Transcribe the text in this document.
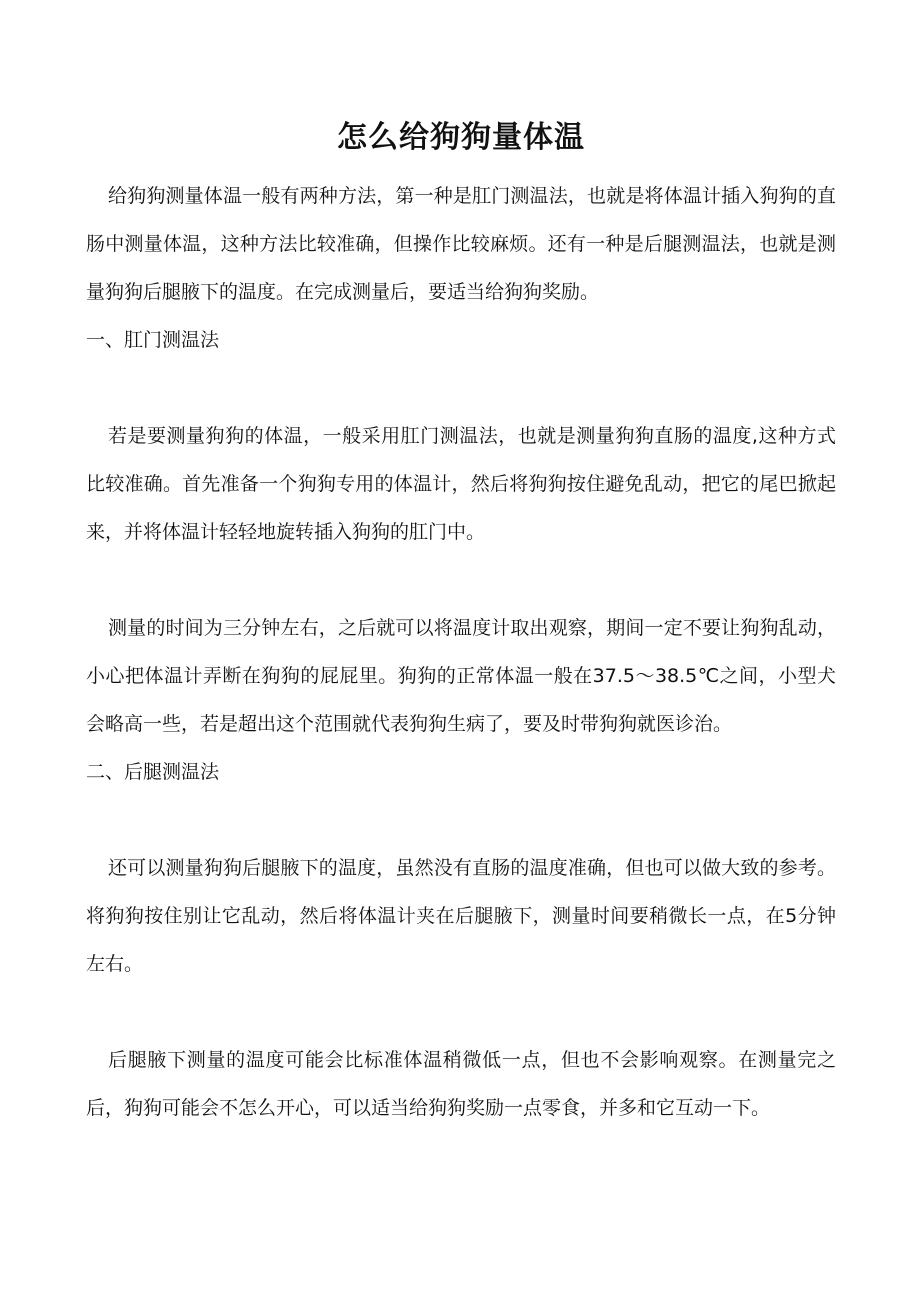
怎么给狗狗量体温

给狗狗测量体温一般有两种方法，第一种是肛门测温法，也就是将体温计插入狗狗的直肠中测量体温，这种方法比较准确，但操作比较麻烦。还有一种是后腿测温法，也就是测量狗狗后腿腋下的温度。在完成测量后，要适当给狗狗奖励。

一、肛门测温法

若是要测量狗狗的体温，一般采用肛门测温法，也就是测量狗狗直肠的温度,这种方式比较准确。首先准备一个狗狗专用的体温计，然后将狗狗按住避免乱动，把它的尾巴掀起来，并将体温计轻轻地旋转插入狗狗的肛门中。

测量的时间为三分钟左右，之后就可以将温度计取出观察，期间一定不要让狗狗乱动，小心把体温计弄断在狗狗的屁屁里。狗狗的正常体温一般在37.5～38.5℃之间，小型犬会略高一些，若是超出这个范围就代表狗狗生病了，要及时带狗狗就医诊治。

二、后腿测温法

还可以测量狗狗后腿腋下的温度，虽然没有直肠的温度准确，但也可以做大致的参考。将狗狗按住别让它乱动，然后将体温计夹在后腿腋下，测量时间要稍微长一点，在5分钟左右。

后腿腋下测量的温度可能会比标准体温稍微低一点，但也不会影响观察。在测量完之后，狗狗可能会不怎么开心，可以适当给狗狗奖励一点零食，并多和它互动一下。
